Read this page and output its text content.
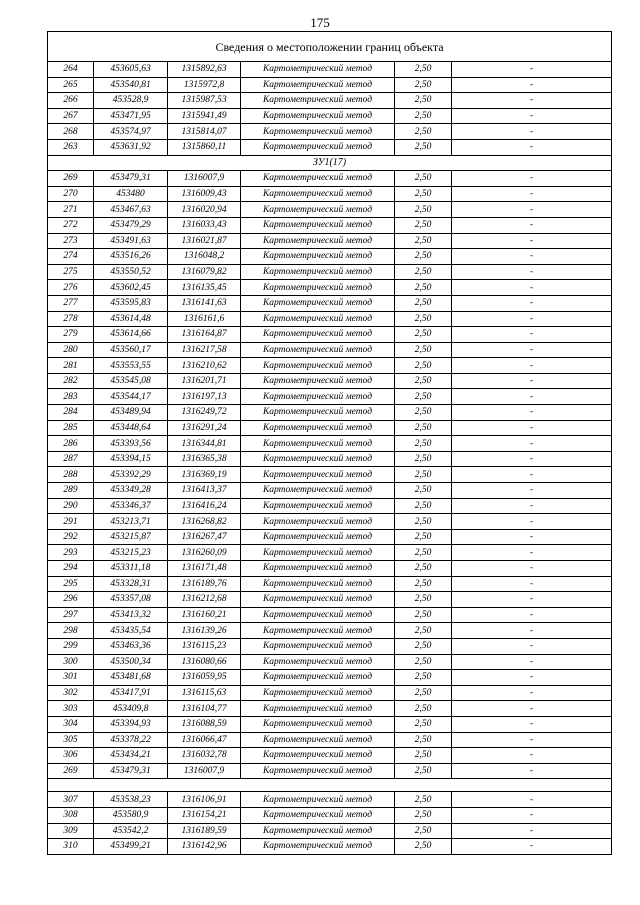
175
Сведения о местоположении границ объекта					
264	453605,63	1315892,63	Картометрический метод	2,50	-
265	453540,81	1315972,8	Картометрический метод	2,50	-
266	453528,9	1315987,53	Картометрический метод	2,50	-
267	453471,95	1315941,49	Картометрический метод	2,50	-
268	453574,97	1315814,07	Картометрический метод	2,50	-
263	453631,92	1315860,11	Картометрический метод	2,50	-
ЗУ1(17)					
269	453479,31	1316007,9	Картометрический метод	2,50	-
270	453480	1316009,43	Картометрический метод	2,50	-
271	453467,63	1316020,94	Картометрический метод	2,50	-
272	453479,29	1316033,43	Картометрический метод	2,50	-
273	453491,63	1316021,87	Картометрический метод	2,50	-
274	453516,26	1316048,2	Картометрический метод	2,50	-
275	453550,52	1316079,82	Картометрический метод	2,50	-
276	453602,45	1316135,45	Картометрический метод	2,50	-
277	453595,83	1316141,63	Картометрический метод	2,50	-
278	453614,48	1316161,6	Картометрический метод	2,50	-
279	453614,66	1316164,87	Картометрический метод	2,50	-
280	453560,17	1316217,58	Картометрический метод	2,50	-
281	453553,55	1316210,62	Картометрический метод	2,50	-
282	453545,08	1316201,71	Картометрический метод	2,50	-
283	453544,17	1316197,13	Картометрический метод	2,50	-
284	453489,94	1316249,72	Картометрический метод	2,50	-
285	453448,64	1316291,24	Картометрический метод	2,50	-
286	453393,56	1316344,81	Картометрический метод	2,50	-
287	453394,15	1316365,38	Картометрический метод	2,50	-
288	453392,29	1316369,19	Картометрический метод	2,50	-
289	453349,28	1316413,37	Картометрический метод	2,50	-
290	453346,37	1316416,24	Картометрический метод	2,50	-
291	453213,71	1316268,82	Картометрический метод	2,50	-
292	453215,87	1316267,47	Картометрический метод	2,50	-
293	453215,23	1316260,09	Картометрический метод	2,50	-
294	453311,18	1316171,48	Картометрический метод	2,50	-
295	453328,31	1316189,76	Картометрический метод	2,50	-
296	453357,08	1316212,68	Картометрический метод	2,50	-
297	453413,32	1316160,21	Картометрический метод	2,50	-
298	453435,54	1316139,26	Картометрический метод	2,50	-
299	453463,36	1316115,23	Картометрический метод	2,50	-
300	453500,34	1316080,66	Картометрический метод	2,50	-
301	453481,68	1316059,95	Картометрический метод	2,50	-
302	453417,91	1316115,63	Картометрический метод	2,50	-
303	453409,8	1316104,77	Картометрический метод	2,50	-
304	453394,93	1316088,59	Картометрический метод	2,50	-
305	453378,22	1316066,47	Картометрический метод	2,50	-
306	453434,21	1316032,78	Картометрический метод	2,50	-
269	453479,31	1316007,9	Картометрический метод	2,50	-

307	453538,23	1316106,91	Картометрический метод	2,50	-
308	453580,9	1316154,21	Картометрический метод	2,50	-
309	453542,2	1316189,59	Картометрический метод	2,50	-
310	453499,21	1316142,96	Картометрический метод	2,50	-
